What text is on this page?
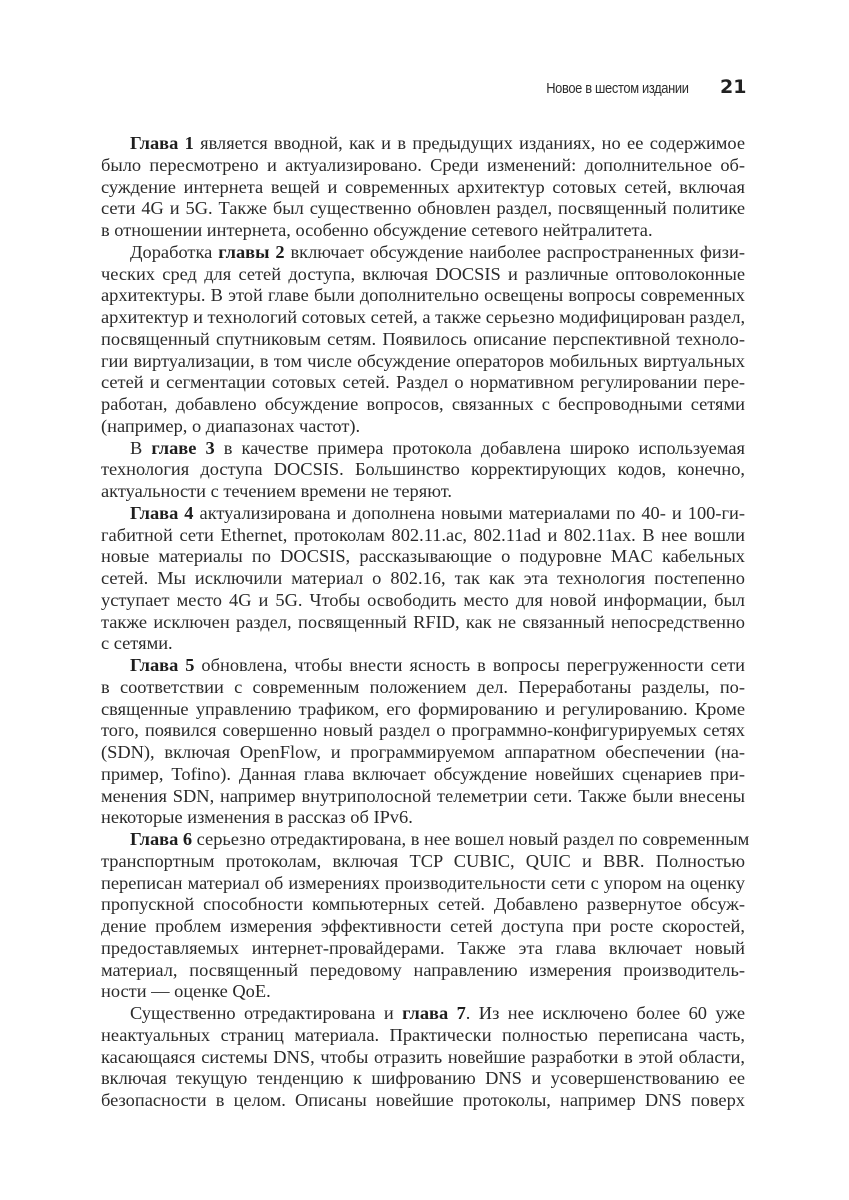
Новое в шестом издании 21
Глава 1 является вводной, как и в предыдущих изданиях, но ее содержимое
было пересмотрено и актуализировано. Среди изменений: дополнительное об-
суждение интернета вещей и современных архитектур сотовых сетей, включая
сети 4G и 5G. Также был существенно обновлен раздел, посвященный политике
в отношении интернета, особенно обсуждение сетевого нейтралитета.
Доработка главы 2 включает обсуждение наиболее распространенных физи-
ческих сред для сетей доступа, включая DOCSIS и различные оптоволоконные
архитектуры. В этой главе были дополнительно освещены вопросы современных
архитектур и технологий сотовых сетей, а также серьезно модифицирован раздел,
посвященный спутниковым сетям. Появилось описание перспективной техноло-
гии виртуализации, в том числе обсуждение операторов мобильных виртуальных
сетей и сегментации сотовых сетей. Раздел о нормативном регулировании пере-
работан, добавлено обсуждение вопросов, связанных с беспроводными сетями
(например, о диапазонах частот).
В главе 3 в качестве примера протокола добавлена широко используемая
технология доступа DOCSIS. Большинство корректирующих кодов, конечно,
актуальности с течением времени не теряют.
Глава 4 актуализирована и дополнена новыми материалами по 40- и 100-ги-
габитной сети Ethernet, протоколам 802.11.ac, 802.11ad и 802.11ax. В нее вошли
новые материалы по DOCSIS, рассказывающие о подуровне MAC кабельных
сетей. Мы исключили материал о 802.16, так как эта технология постепенно
уступает место 4G и 5G. Чтобы освободить место для новой информации, был
также исключен раздел, посвященный RFID, как не связанный непосредственно
с сетями.
Глава 5 обновлена, чтобы внести ясность в вопросы перегруженности сети
в соответствии с современным положением дел. Переработаны разделы, по-
священные управлению трафиком, его формированию и регулированию. Кроме
того, появился совершенно новый раздел о программно-конфигурируемых сетях
(SDN), включая OpenFlow, и программируемом аппаратном обеспечении (на-
пример, Tofino). Данная глава включает обсуждение новейших сценариев при-
менения SDN, например внутриполосной телеметрии сети. Также были внесены
некоторые изменения в рассказ об IPv6.
Глава 6 серьезно отредактирована, в нее вошел новый раздел по современным
транспортным протоколам, включая TCP CUBIC, QUIC и BBR. Полностью
переписан материал об измерениях производительности сети с упором на оценку
пропускной способности компьютерных сетей. Добавлено развернутое обсуж-
дение проблем измерения эффективности сетей доступа при росте скоростей,
предоставляемых интернет-провайдерами. Также эта глава включает новый
материал, посвященный передовому направлению измерения производитель-
ности — оценке QoE.
Существенно отредактирована и глава 7. Из нее исключено более 60 уже
неактуальных страниц материала. Практически полностью переписана часть,
касающаяся системы DNS, чтобы отразить новейшие разработки в этой области,
включая текущую тенденцию к шифрованию DNS и усовершенствованию ее
безопасности в целом. Описаны новейшие протоколы, например DNS поверх
